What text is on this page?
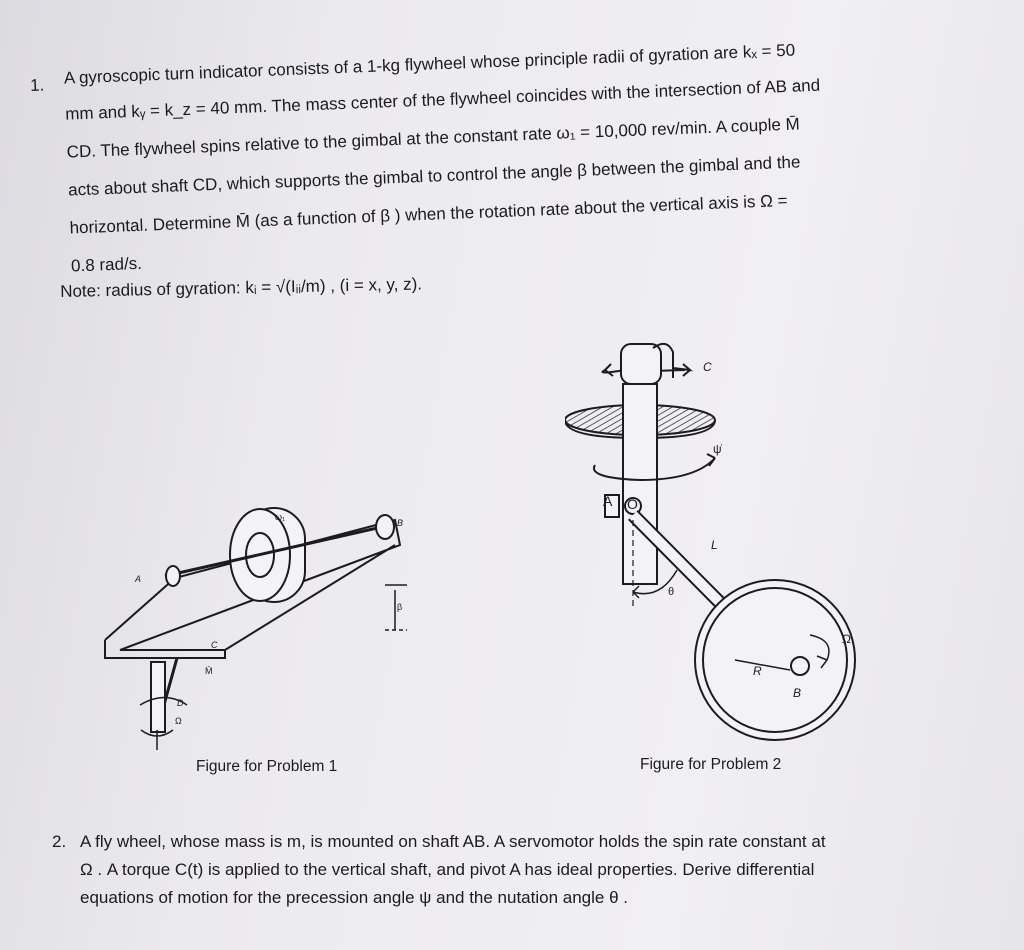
1. A gyroscopic turn indicator consists of a 1-kg flywheel whose principle radii of gyration are kₓ = 50
mm and kᵧ = k_z = 40 mm. The mass center of the flywheel coincides with the intersection of AB and
CD. The flywheel spins relative to the gimbal at the constant rate ω₁ = 10,000 rev/min. A couple M̄
acts about shaft CD, which supports the gimbal to control the angle β between the gimbal and the
horizontal. Determine M̄ (as a function of β ) when the rotation rate about the vertical axis is Ω =
0.8 rad/s.
Note: radius of gyration: kᵢ = √(Iᵢᵢ/m) , (i = x, y, z).
ω₁
B
A
β
C
M̄
D
Ω
Figure for Problem 1
C
ψ̇
A O
L
θ
R
B
Ω
Figure for Problem 2
2. A fly wheel, whose mass is m, is mounted on shaft AB. A servomotor holds the spin rate constant at
Ω . A torque C(t) is applied to the vertical shaft, and pivot A has ideal properties. Derive differential
equations of motion for the precession angle ψ and the nutation angle θ .
